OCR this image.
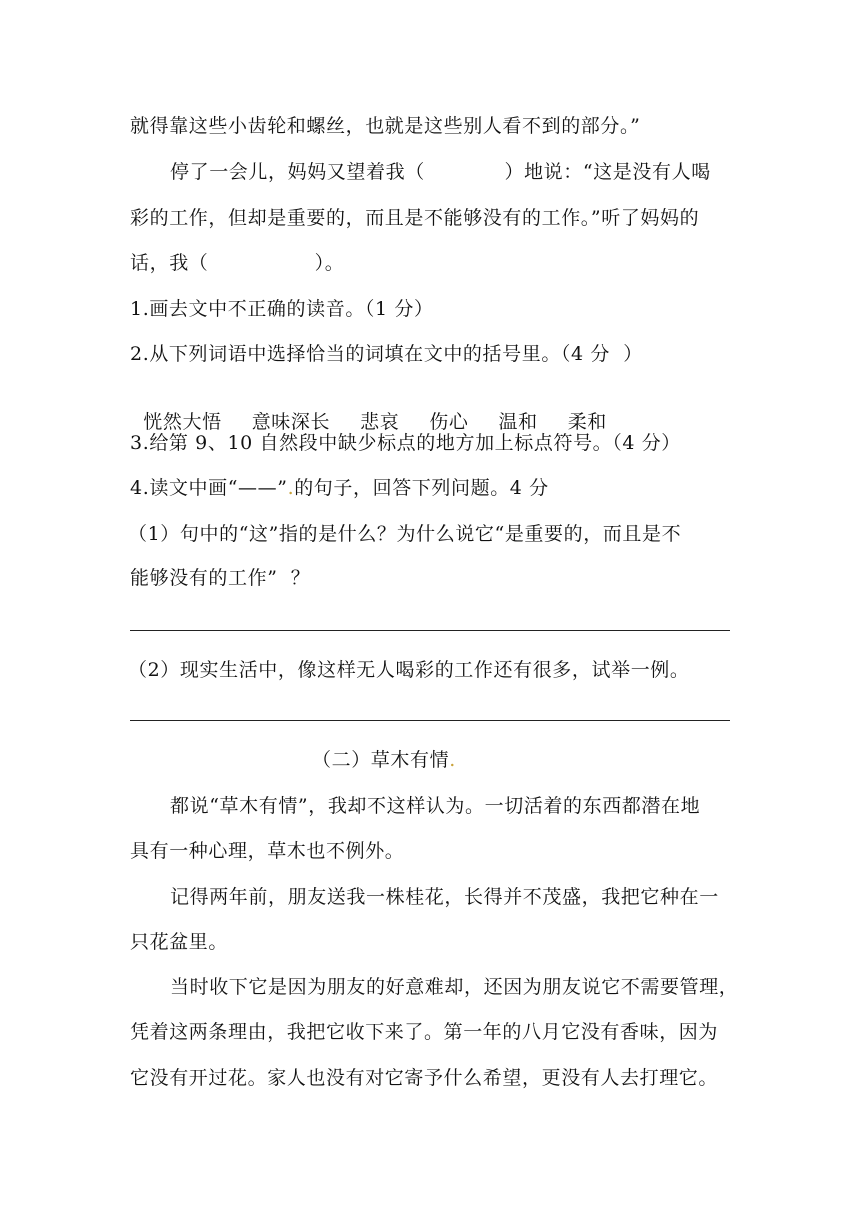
就得靠这些小齿轮和螺丝，也就是这些别人看不到的部分。”
停了一会儿，妈妈又望着我（            ）地说：“这是没有人喝
彩的工作，但却是重要的，而且是不能够没有的工作。”听了妈妈的
话，我（                ）。
1.画去文中不正确的读音。（1 分）
2.从下列词语中选择恰当的词填在文中的括号里。（4 分  ）

恍然大悟 意味深长 悲哀 伤心 温和 柔和

3.给第 9、10 自然段中缺少标点的地方加上标点符号。（4 分）
4.读文中画“——”.的句子，回答下列问题。4 分
（1）句中的“这”指的是什么？为什么说它“是重要的，而且是不
能够没有的工作”  ？
（2）现实生活中，像这样无人喝彩的工作还有很多，试举一例。
（二）草木有情.
都说“草木有情”，我却不这样认为。一切活着的东西都潜在地
具有一种心理，草木也不例外。
记得两年前，朋友送我一株桂花，长得并不茂盛，我把它种在一
只花盆里。
当时收下它是因为朋友的好意难却，还因为朋友说它不需要管理，
凭着这两条理由，我把它收下来了。第一年的八月它没有香味，因为
它没有开过花。家人也没有对它寄予什么希望，更没有人去打理它。
